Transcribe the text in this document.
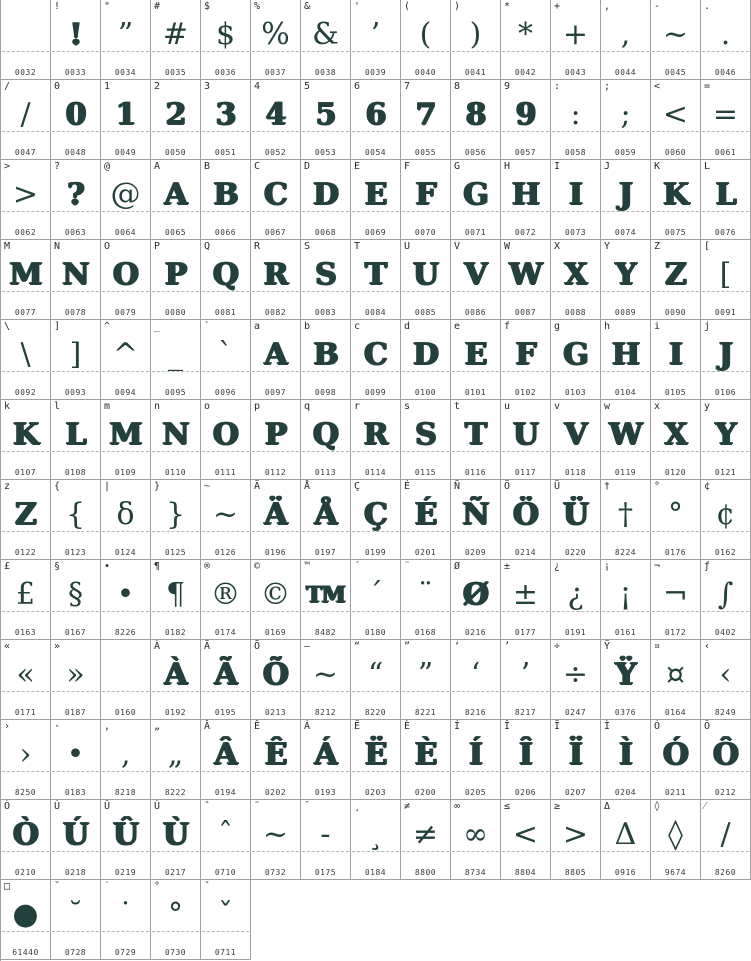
0032
!
!
0033
"
”
0034
#
#
0035
$
$
0036
%
%
0037
&
&
0038
'
’
0039
(
(
0040
)
)
0041
*
*
0042
+
+
0043
,
,
0044
-
~
0045
.
.
0046
/
/
0047
0
0
0048
1
1
0049
2
2
0050
3
3
0051
4
4
0052
5
5
0053
6
6
0054
7
7
0055
8
8
0056
9
9
0057
:
:
0058
;
;
0059
<
<
0060
=
=
0061
>
>
0062
?
?
0063
@
@
0064
A
A
0065
B
B
0066
C
C
0067
D
D
0068
E
E
0069
F
F
0070
G
G
0071
H
H
0072
I
I
0073
J
J
0074
K
K
0075
L
L
0076
M
M
0077
N
N
0078
O
O
0079
P
P
0080
Q
Q
0081
R
R
0082
S
S
0083
T
T
0084
U
U
0085
V
V
0086
W
W
0087
X
X
0088
Y
Y
0089
Z
Z
0090
[
[
0091
\
\
0092
]
]
0093
^
^
0094
_
_
0095
`
`
0096
a
A
0097
b
B
0098
c
C
0099
d
D
0100
e
E
0101
f
F
0102
g
G
0103
h
H
0104
i
I
0105
j
J
0106
k
K
0107
l
L
0108
m
M
0109
n
N
0110
o
O
0111
p
P
0112
q
Q
0113
r
R
0114
s
S
0115
t
T
0116
u
U
0117
v
V
0118
w
W
0119
x
X
0120
y
Y
0121
z
Z
0122
{
{
0123
|
δ
0124
}
}
0125
~
~
0126
Ä
Ä
0196
Å
Å
0197
Ç
Ç
0199
É
É
0201
Ñ
Ñ
0209
Ö
Ö
0214
Ü
Ü
0220
†
†
8224
°
°
0176
¢
¢
0162
£
£
0163
§
§
0167
•
•
8226
¶
¶
0182
®
®
0174
©
©
0169
™
TM
8482
´
´
0180
¨
¨
0168
Ø
Ø
0216
±
±
0177
¿
¿
0191
¡
¡
0161
¬
¬
0172
ƒ
∫
0402
«
«
0171
»
»
0187	0160
À
À
0192
Ã
Ã
0195
Õ
Õ
0213
—
~
8212
“
“
8220
”
”
8221
‘
‘
8216
’
’
8217
÷
÷
0247
Ÿ
Ÿ
0376
¤
¤
0164
‹
‹
8249
›
›
8250
·
•
0183
‚
‚
8218
„
„
8222
Â
Â
0194
Ê
Ê
0202
Á
Á
0193
Ë
Ë
0203
È
È
0200
Í
Í
0205
Î
Î
0206
Ï
Ï
0207
Ì
Ì
0204
Ó
Ó
0211
Ô
Ô
0212
Ò
Ò
0210
Ú
Ú
0218
Û
Û
0219
Ù
Ù
0217
ˆ
ˆ
0710
˜
~
0732
¯
-
0175
¸
¸
0184
≠
≠
8800
∞
∞
8734
≤
<
8804
≥
>
8805
Δ
Δ
0916
◊
◊
9674
⁄
/
8260
□
●
61440
˘
˘
0728
˙
˙
0729
°
°
0730
ˇ
ˇ
0711
